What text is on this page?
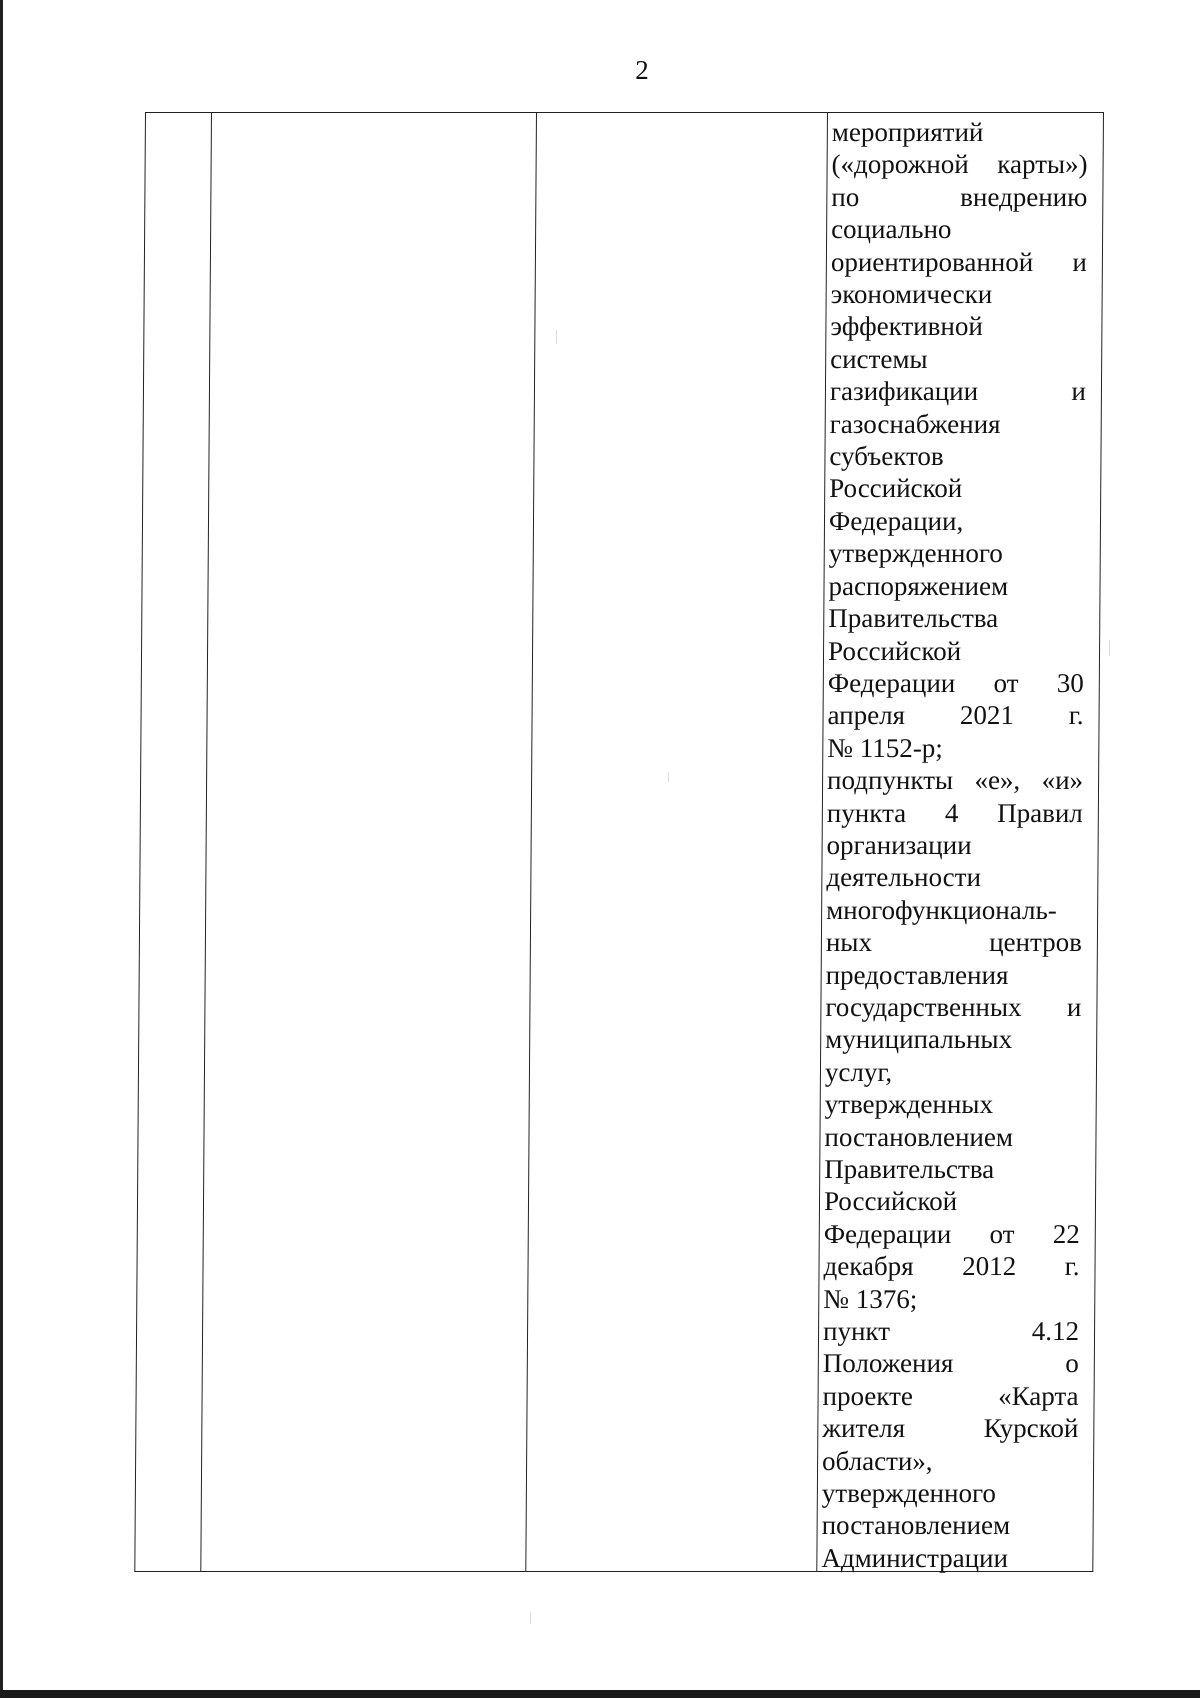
2
мероприятий
(«дорожной карты»)
по внедрению
социально
ориентированной и
экономически
эффективной
системы
газификации и
газоснабжения
субъектов
Российской
Федерации,
утвержденного
распоряжением
Правительства
Российской
Федерации от 30
апреля 2021 г.
№ 1152-р;
подпункты «е», «и»
пункта 4 Правил
организации
деятельности
многофункциональ-
ных центров
предоставления
государственных и
муниципальных
услуг,
утвержденных
постановлением
Правительства
Российской
Федерации от 22
декабря 2012 г.
№ 1376;
пункт 4.12
Положения о
проекте «Карта
жителя Курской
области»,
утвержденного
постановлением
Администрации
